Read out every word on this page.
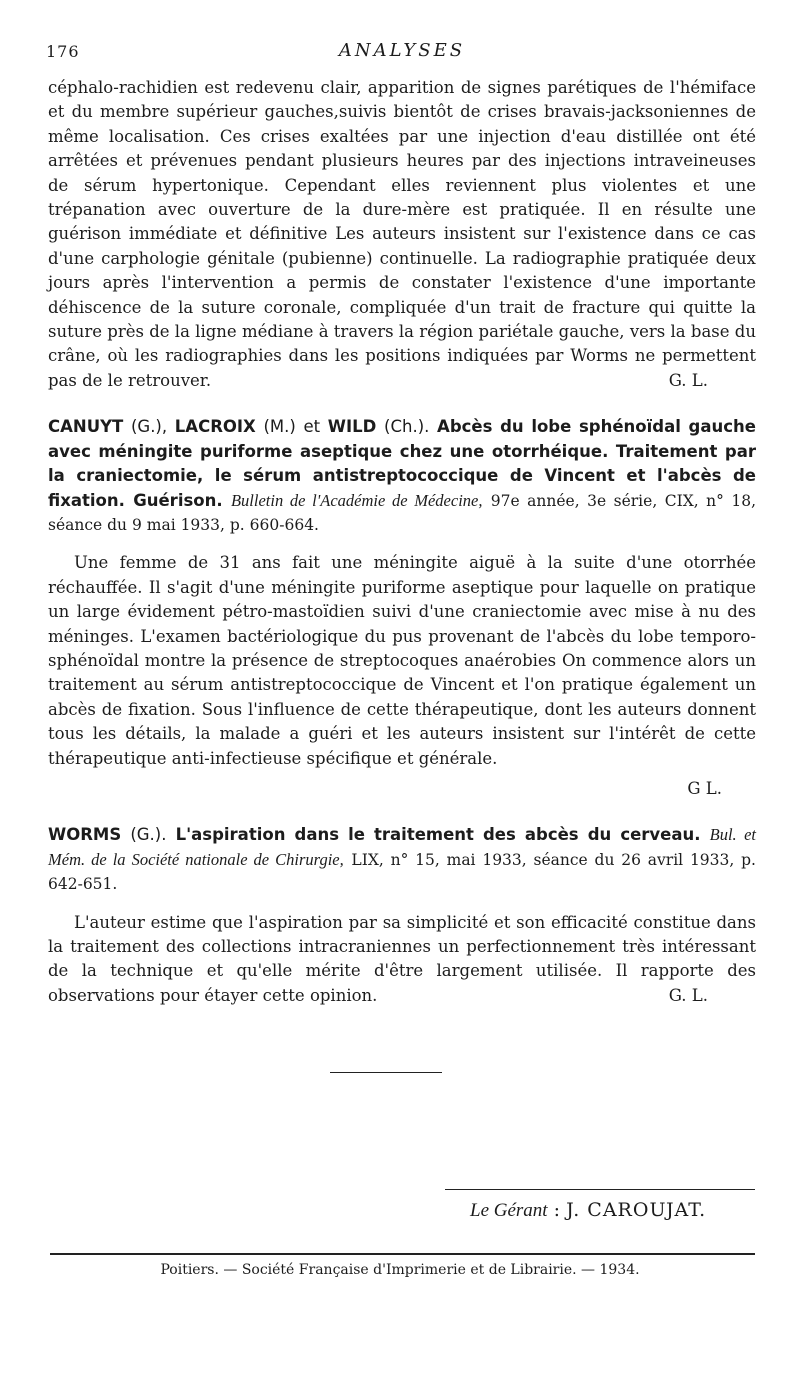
176	ANALYSES

céphalo-rachidien est redevenu clair, apparition de signes parétiques de l'hémiface et du membre supérieur gauches,suivis bientôt de crises bravais-jacksoniennes de même localisation. Ces crises exaltées par une injection d'eau distillée ont été arrêtées et prévenues pendant plusieurs heures par des injections intraveineuses de sérum hypertonique. Cependant elles reviennent plus violentes et une trépanation avec ouverture de la dure-mère est pratiquée. Il en résulte une guérison immédiate et définitive Les auteurs insistent sur l'existence dans ce cas d'une carphologie génitale (pubienne) continuelle. La radiographie pratiquée deux jours après l'intervention a permis de constater l'existence d'une importante déhiscence de la suture coronale, compliquée d'un trait de fracture qui quitte la suture près de la ligne médiane à travers la région pariétale gauche, vers la base du crâne, où les radiographies dans les positions indiquées par Worms ne permettent pas de le retrouver.	G. L.

CANUYT (G.), LACROIX (M.) et WILD (Ch.). Abcès du lobe sphénoïdal gauche avec méningite puriforme aseptique chez une otorrhéique. Traitement par la craniectomie, le sérum antistreptococcique de Vincent et l'abcès de fixation. Guérison. Bulletin de l'Académie de Médecine, 97e année, 3e série, CIX, n° 18, séance du 9 mai 1933, p. 660-664.

Une femme de 31 ans fait une méningite aiguë à la suite d'une otorrhée réchauffée. Il s'agit d'une méningite puriforme aseptique pour laquelle on pratique un large évidement pétro-mastoïdien suivi d'une craniectomie avec mise à nu des méninges. L'examen bactériologique du pus provenant de l'abcès du lobe temporo-sphénoïdal montre la présence de streptocoques anaérobies On commence alors un traitement au sérum antistreptococcique de Vincent et l'on pratique également un abcès de fixation. Sous l'influence de cette thérapeutique, dont les auteurs donnent tous les détails, la malade a guéri et les auteurs insistent sur l'intérêt de cette thérapeutique anti-infectieuse spécifique et générale.

G L.

WORMS (G.). L'aspiration dans le traitement des abcès du cerveau. Bul. et Mém. de la Société nationale de Chirurgie, LIX, n° 15, mai 1933, séance du 26 avril 1933, p. 642-651.

L'auteur estime que l'aspiration par sa simplicité et son efficacité constitue dans la traitement des collections intracraniennes un perfectionnement très intéressant de la technique et qu'elle mérite d'être largement utilisée. Il rapporte des observations pour étayer cette opinion.	G. L.

Le Gérant : J. CAROUJAT.
Poitiers. — Société Française d'Imprimerie et de Librairie. — 1934.
